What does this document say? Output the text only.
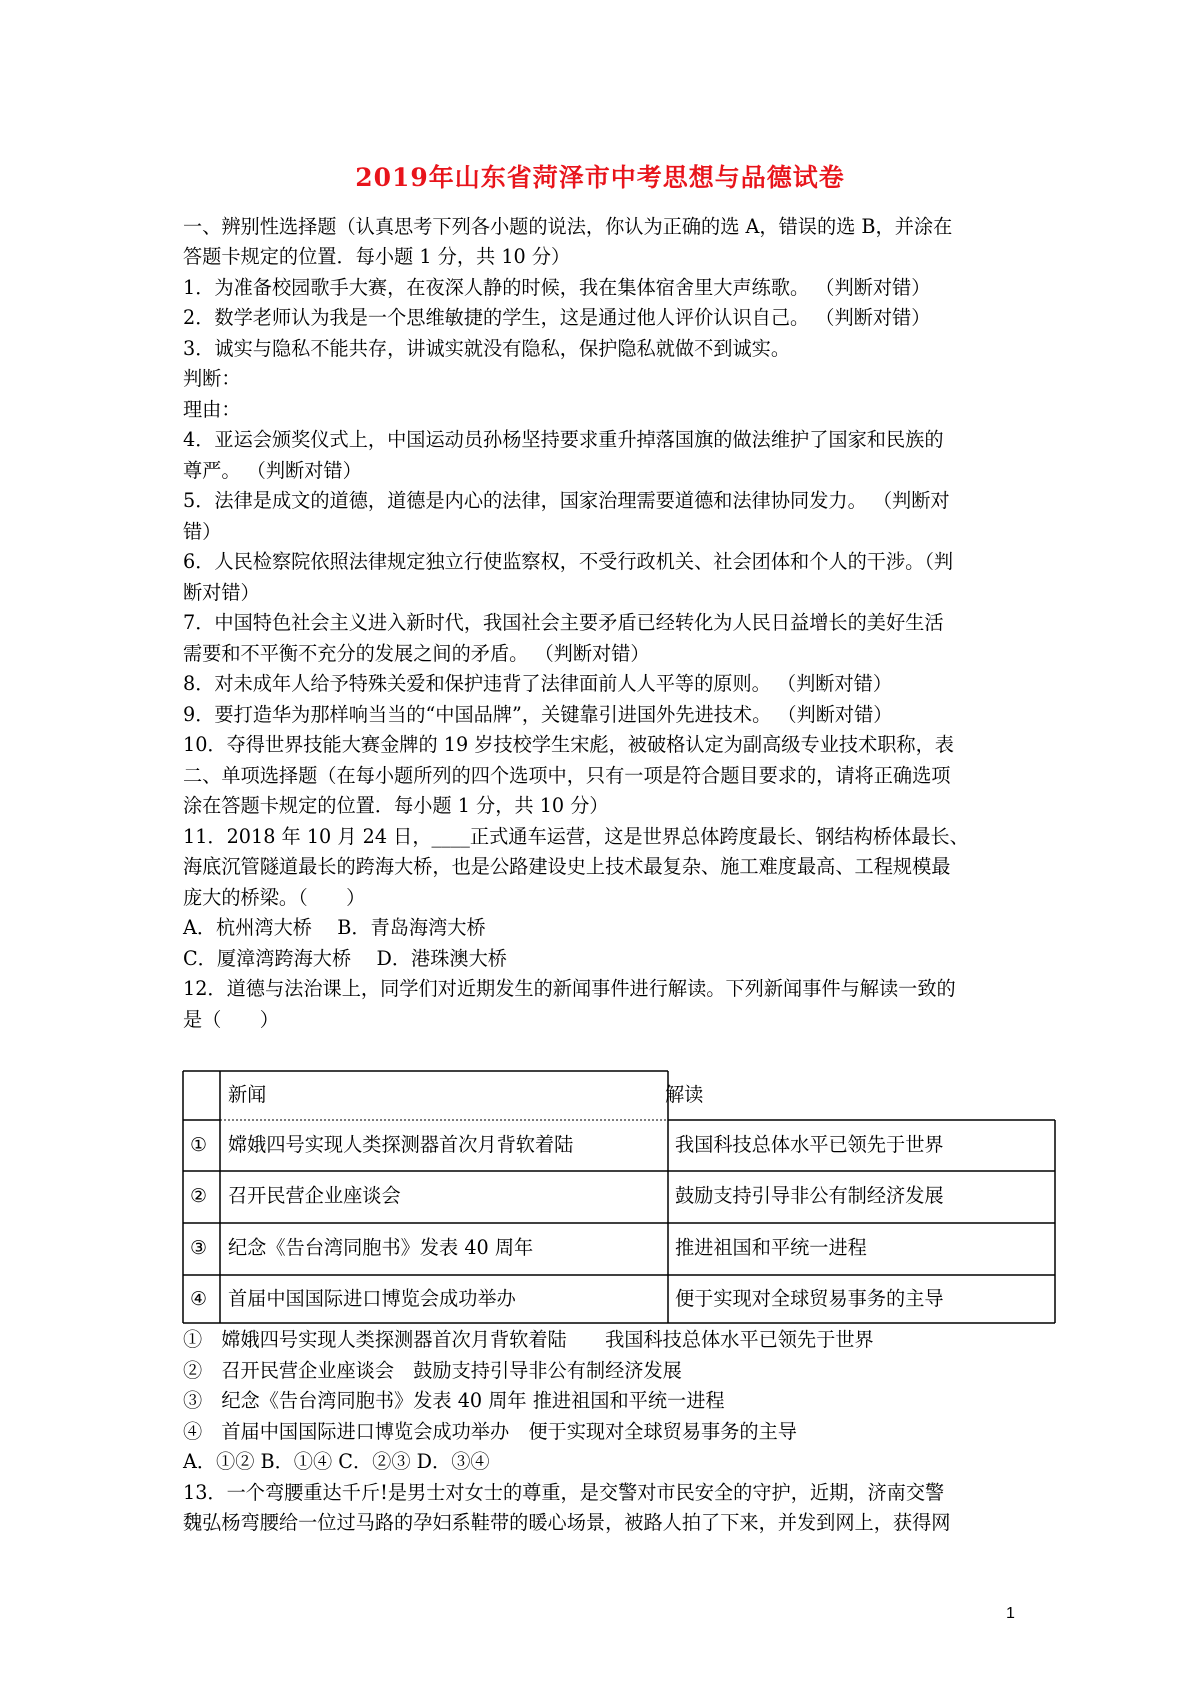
2019年山东省菏泽市中考思想与品德试卷
一、辨别性选择题（认真思考下列各小题的说法，你认为正确的选 A，错误的选 B，并涂在
答题卡规定的位置．每小题 1 分，共 10 分）
1．为准备校园歌手大赛，在夜深人静的时候，我在集体宿舍里大声练歌。 （判断对错）
2．数学老师认为我是一个思维敏捷的学生，这是通过他人评价认识自己。 （判断对错）
3．诚实与隐私不能共存，讲诚实就没有隐私，保护隐私就做不到诚实。
判断：
理由：
4．亚运会颁奖仪式上，中国运动员孙杨坚持要求重升掉落国旗的做法维护了国家和民族的
尊严。 （判断对错）
5．法律是成文的道德，道德是内心的法律，国家治理需要道德和法律协同发力。 （判断对
错）
6．人民检察院依照法律规定独立行使监察权，不受行政机关、社会团体和个人的干涉。（判
断对错）
7．中国特色社会主义进入新时代，我国社会主要矛盾已经转化为人民日益增长的美好生活
需要和不平衡不充分的发展之间的矛盾。 （判断对错）
8．对未成年人给予特殊关爱和保护违背了法律面前人人平等的原则。 （判断对错）
9．要打造华为那样响当当的“中国品牌”，关键靠引进国外先进技术。 （判断对错）
10．夺得世界技能大赛金牌的 19 岁技校学生宋彪，被破格认定为副高级专业技术职称，表
二、单项选择题（在每小题所列的四个选项中，只有一项是符合题目要求的，请将正确选项
涂在答题卡规定的位置．每小题 1 分，共 10 分）
11．2018 年 10 月 24 日，____正式通车运营，这是世界总体跨度最长、钢结构桥体最长、
海底沉管隧道最长的跨海大桥，也是公路建设史上技术最复杂、施工难度最高、工程规模最
庞大的桥梁。（　　）
A．杭州湾大桥　 B．青岛海湾大桥
C．厦漳湾跨海大桥　 D．港珠澳大桥
12．道德与法治课上，同学们对近期发生的新闻事件进行解读。下列新闻事件与解读一致的
是（　　）
新闻	解读
① 嫦娥四号实现人类探测器首次月背软着陆	我国科技总体水平已领先于世界
② 召开民营企业座谈会	鼓励支持引导非公有制经济发展
③ 纪念《告台湾同胞书》发表 40 周年	推进祖国和平统一进程
④ 首届中国国际进口博览会成功举办	便于实现对全球贸易事务的主导
①　嫦娥四号实现人类探测器首次月背软着陆　　我国科技总体水平已领先于世界
②　召开民营企业座谈会　鼓励支持引导非公有制经济发展
③　纪念《告台湾同胞书》发表 40 周年 推进祖国和平统一进程
④　首届中国国际进口博览会成功举办　便于实现对全球贸易事务的主导
A．①② B．①④ C．②③ D．③④
13．一个弯腰重达千斤!是男士对女士的尊重，是交警对市民安全的守护，近期，济南交警
魏弘杨弯腰给一位过马路的孕妇系鞋带的暖心场景，被路人拍了下来，并发到网上，获得网
1
